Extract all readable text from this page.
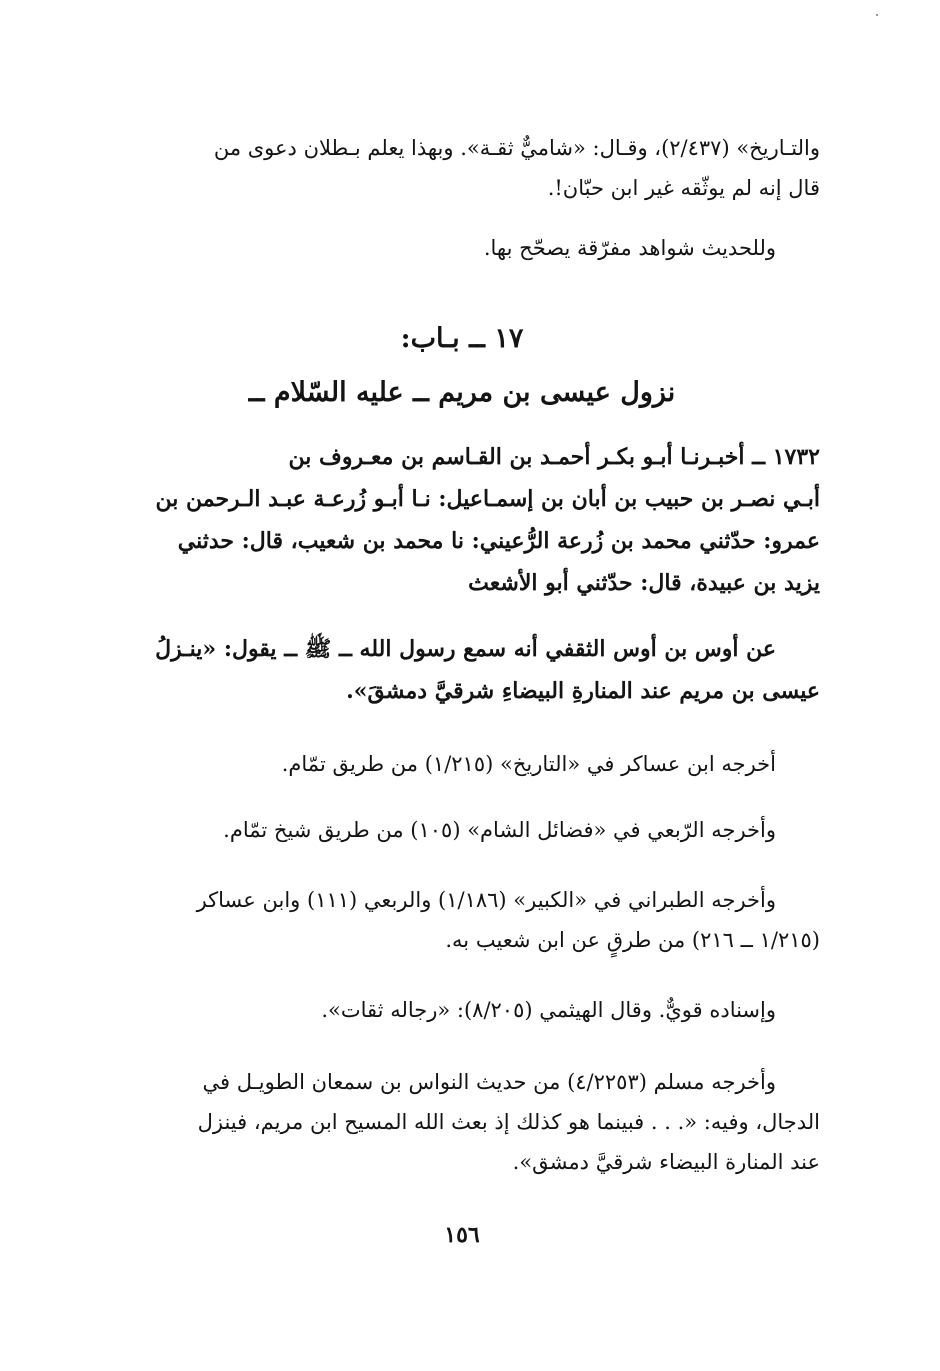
والتـاريخ» (٢/٤٣٧)، وقـال: «شاميٌّ ثقـة». وبهذا يعلم بـطلان دعوى من
قال إنه لم يوثّقه غير ابن حبّان!.
وللحديث شواهد مفرّقة يصحّح بها.
١٧ ــ بـاب:
نزول عيسى بن مريم ــ عليه السّلام ــ
١٧٣٢ ــ أخبـرنـا أبـو بكـر أحمـد بن القـاسم بن معـروف بن
أبـي نصـر بن حبيب بن أبان بن إسمـاعيل: نـا أبـو زُرعـة عبـد الـرحمن بن
عمرو: حدّثني محمد بن زُرعة الرُّعيني: نا محمد بن شعيب، قال: حدثني
يزيد بن عبيدة، قال: حدّثني أبو الأشعث
عن أوس بن أوس الثقفي أنه سمع رسول الله ــ ﷺ ــ يقول: «ينـزلُ
عيسى بن مريم عند المنارةِ البيضاءِ شرقيَّ دمشقَ».
أخرجه ابن عساكر في «التاريخ» (١/٢١٥) من طريق تمّام.
وأخرجه الرّبعي في «فضائل الشام» (١٠٥) من طريق شيخ تمّام.
وأخرجه الطبراني في «الكبير» (١/١٨٦) والربعي (١١١) وابن عساكر
(١/٢١٥ ــ ٢١٦) من طرقٍ عن ابن شعيب به.
وإسناده قويٌّ. وقال الهيثمي (٨/٢٠٥): «رجاله ثقات».
وأخرجه مسلم (٤/٢٢٥٣) من حديث النواس بن سمعان الطويـل في
الدجال، وفيه: «. . . فبينما هو كذلك إذ بعث الله المسيح ابن مريم، فينزل
عند المنارة البيضاء شرقيَّ دمشق».
١٥٦
